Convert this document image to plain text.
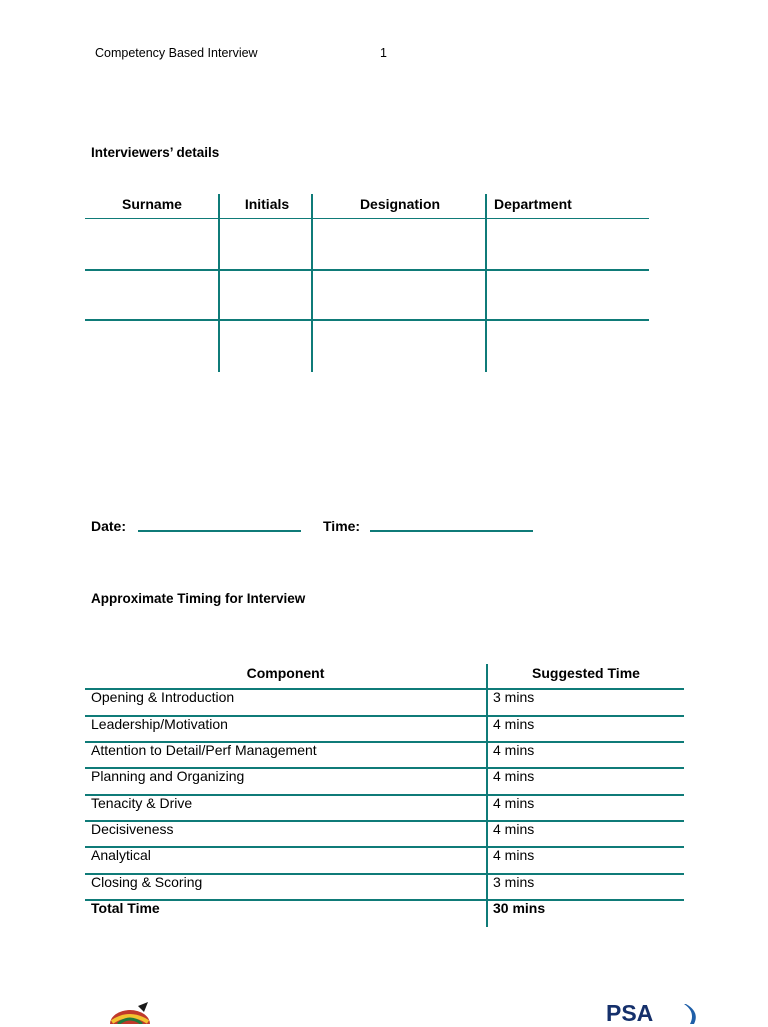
Competency Based Interview	1
Interviewers’ details
Surname	Initials	Designation	Department
Date:	Time:
Approximate Timing for Interview
Component	Suggested Time
Opening & Introduction	3 mins
Leadership/Motivation	4 mins
Attention to Detail/Perf Management	4 mins
Planning and Organizing	4 mins
Tenacity & Drive	4 mins
Decisiveness	4 mins
Analytical	4 mins
Closing & Scoring	3 mins
Total Time	30 mins
PSA
